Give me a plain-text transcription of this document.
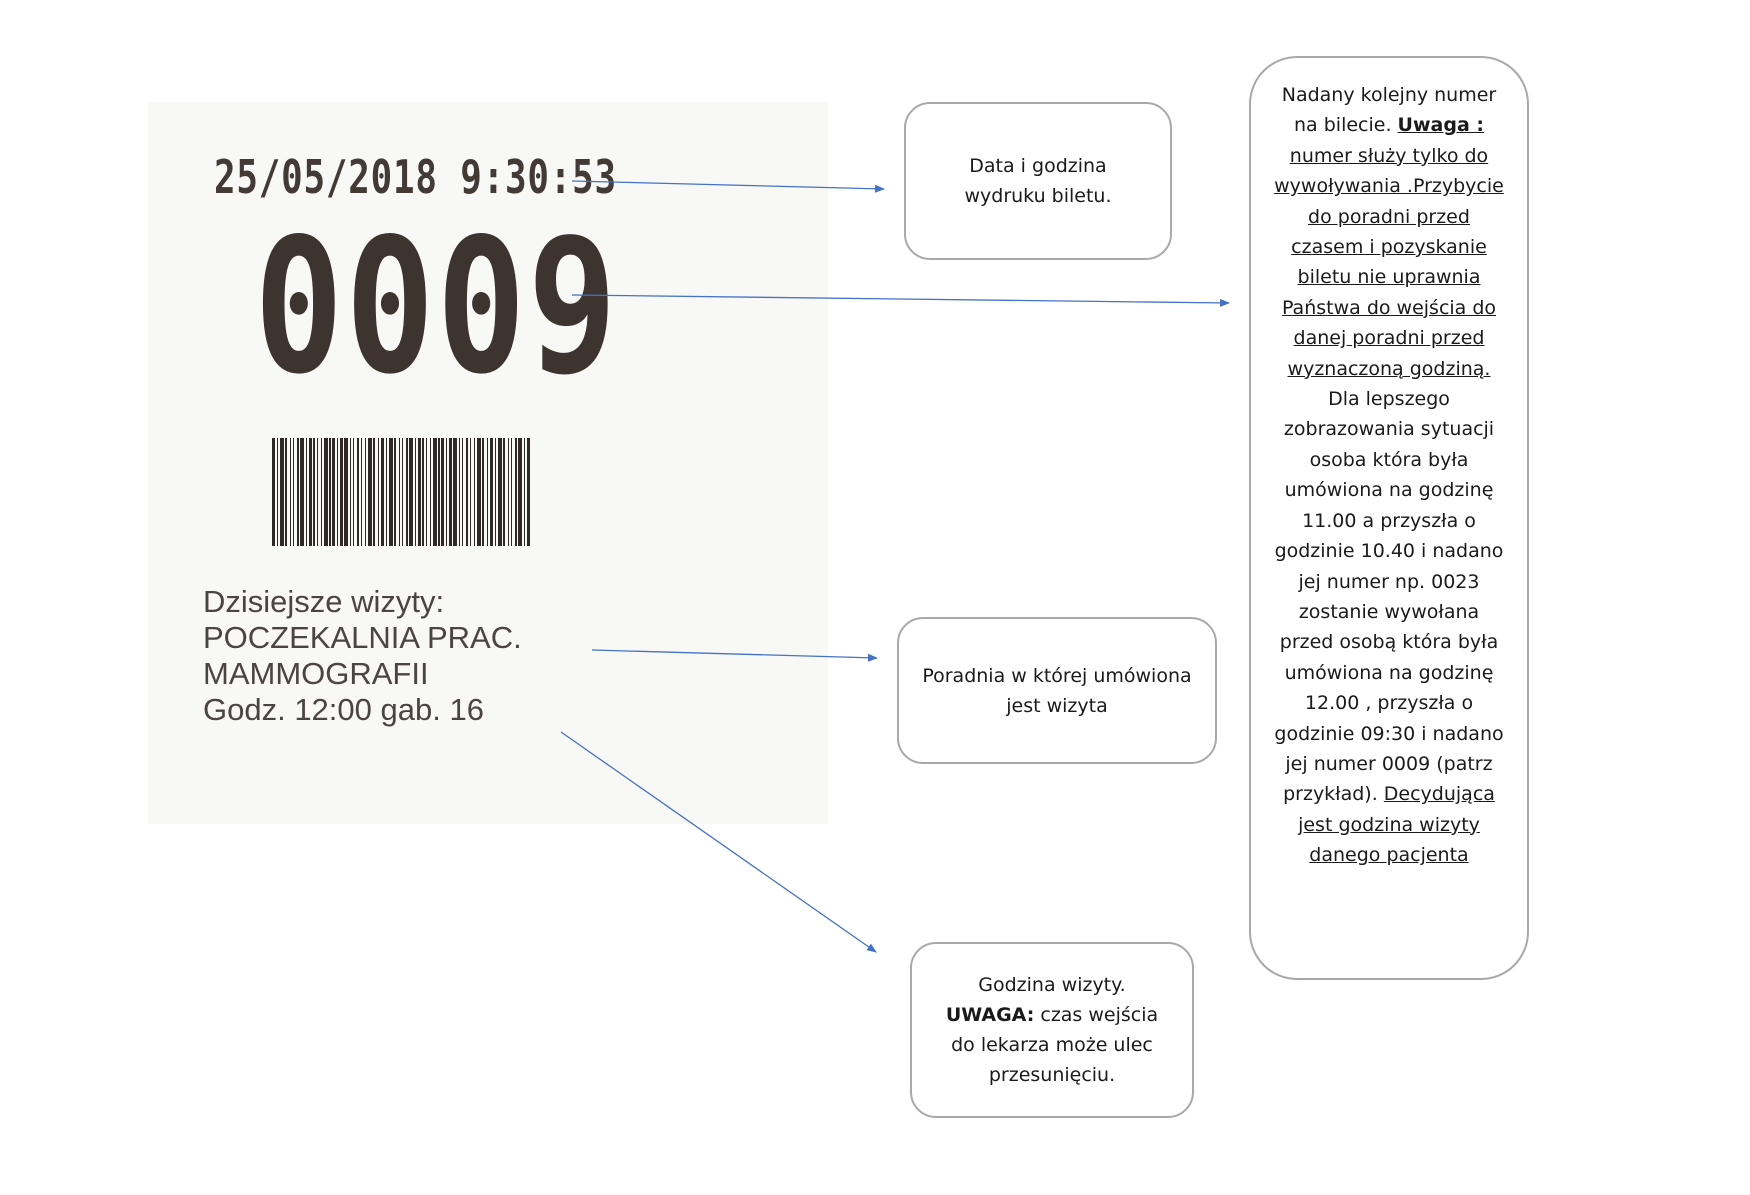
25/05/2018 9:30:53
0009
Dzisiejsze wizyty:
POCZEKALNIA PRAC.
MAMMOGRAFII
Godz. 12:00 gab. 16
Data i godzina
wydruku biletu.
Poradnia w której umówiona
jest wizyta
Godzina wizyty.
UWAGA: czas wejścia
do lekarza może ulec
przesunięciu.
Nadany kolejny numer na bilecie. Uwaga : numer służy tylko do wywoływania .Przybycie do poradni przed czasem i pozyskanie biletu nie uprawnia Państwa do wejścia do danej poradni przed wyznaczoną godziną. Dla lepszego zobrazowania sytuacji osoba która była umówiona na godzinę 11.00 a przyszła o godzinie 10.40 i nadano jej numer np. 0023 zostanie wywołana przed osobą która była umówiona na godzinę 12.00 , przyszła o godzinie 09:30 i nadano jej numer 0009 (patrz przykład). Decydująca jest godzina wizyty danego pacjenta
